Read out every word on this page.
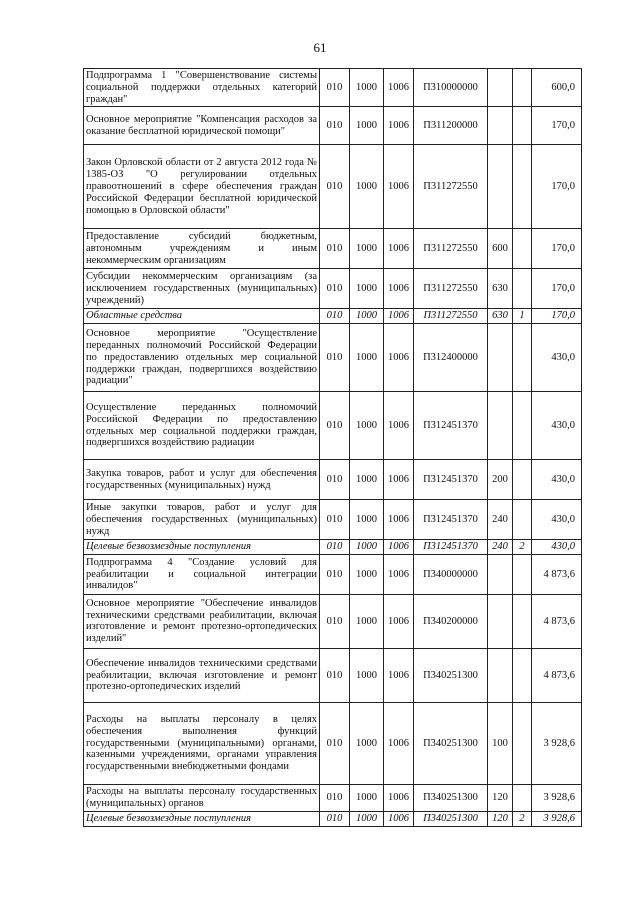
61
Подпрограмма 1 "Совершенствование системы социальной поддержки отдельных категорий граждан"	010	1000	1006	П310000000			600,0
Основное мероприятие "Компенсация расходов за оказание бесплатной юридической помощи"	010	1000	1006	П311200000			170,0
Закон Орловской области от 2 августа 2012 года № 1385-ОЗ "О регулировании отдельных правоотношений в сфере обеспечения граждан Российской Федерации бесплатной юридической помощью в Орловской области"	010	1000	1006	П311272550			170,0
Предоставление субсидий бюджетным, автономным учреждениям и иным некоммерческим организациям	010	1000	1006	П311272550	600		170,0
Субсидии некоммерческим организациям (за исключением государственных (муниципальных) учреждений)	010	1000	1006	П311272550	630		170,0
Областные средства	010	1000	1006	П311272550	630	1	170,0
Основное мероприятие "Осуществление переданных полномочий Российской Федерации по предоставлению отдельных мер социальной поддержки граждан, подвергшихся воздействию радиации"	010	1000	1006	П312400000			430,0
Осуществление переданных полномочий Российской Федерации по предоставлению отдельных мер социальной поддержки граждан, подвергшихся воздействию радиации	010	1000	1006	П312451370			430,0
Закупка товаров, работ и услуг для обеспечения государственных (муниципальных) нужд	010	1000	1006	П312451370	200		430,0
Иные закупки товаров, работ и услуг для обеспечения государственных (муниципальных) нужд	010	1000	1006	П312451370	240		430,0
Целевые безвозмездные поступления	010	1000	1006	П312451370	240	2	430,0
Подпрограмма 4 "Создание условий для реабилитации и социальной интеграции инвалидов"	010	1000	1006	П340000000			4 873,6
Основное мероприятие "Обеспечение инвалидов техническими средствами реабилитации, включая изготовление и ремонт протезно-ортопедических изделий"	010	1000	1006	П340200000			4 873,6
Обеспечение инвалидов техническими средствами реабилитации, включая изготовление и ремонт протезно-ортопедических изделий	010	1000	1006	П340251300			4 873,6
Расходы на выплаты персоналу в целях обеспечения выполнения функций государственными (муниципальными) органами, казенными учреждениями, органами управления государственными внебюджетными фондами	010	1000	1006	П340251300	100		3 928,6
Расходы на выплаты персоналу государственных (муниципальных) органов	010	1000	1006	П340251300	120		3 928,6
Целевые безвозмездные поступления	010	1000	1006	П340251300	120	2	3 928,6
